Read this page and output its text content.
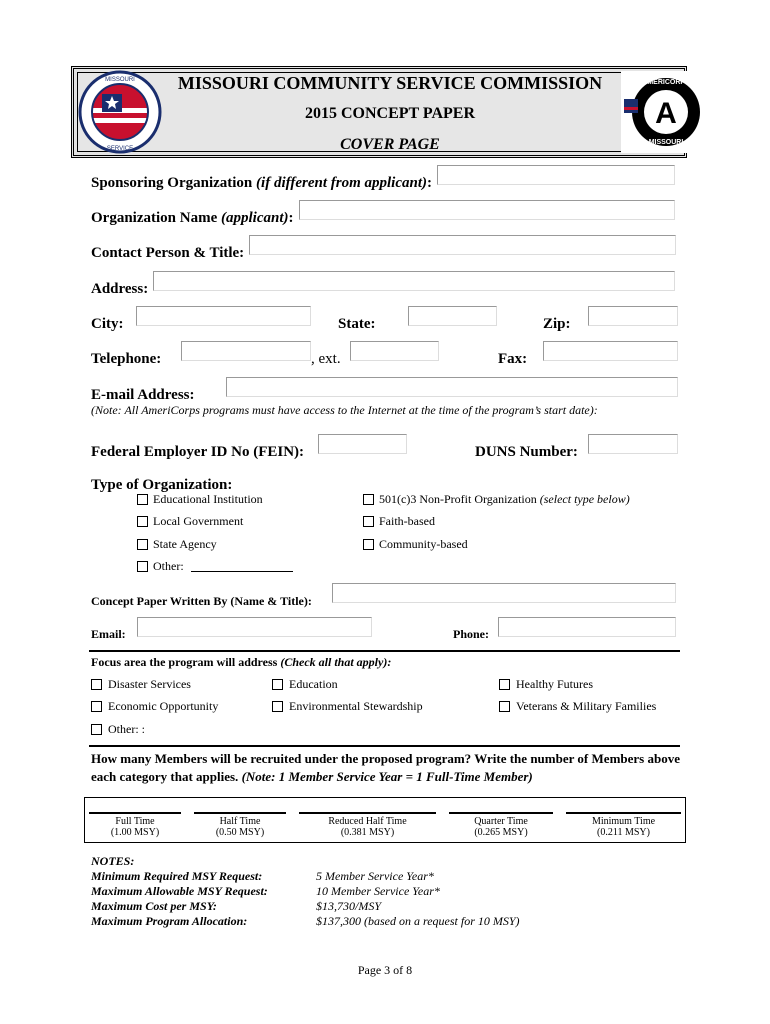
MISSOURI
SERVICE
A
AMERICORPS
MISSOURI
MISSOURI COMMUNITY SERVICE COMMISSION
2015 CONCEPT PAPER
COVER PAGE
Sponsoring Organization (if different from applicant):
Organization Name (applicant):
Contact Person & Title:
Address:
City:	State:	Zip:
Telephone:	, ext.	Fax:
E-mail Address:
(Note: All AmeriCorps programs must have access to the Internet at the time of the program’s start date):
Federal Employer ID No (FEIN):	DUNS Number:
Type of Organization:
Educational Institution
Local Government
State Agency
Other:
501(c)3 Non-Profit Organization (select type below)
Faith-based
Community-based
Concept Paper Written By (Name & Title):
Email:	Phone:
Focus area the program will address (Check all that apply):
Disaster Services	Education	Healthy Futures
Economic Opportunity	Environmental Stewardship	Veterans & Military Families
Other: :
How many Members will be recruited under the proposed program? Write the number of Members above each category that applies. (Note: 1 Member Service Year = 1 Full-Time Member)
Full Time
(1.00 MSY)
Half Time
(0.50 MSY)
Reduced Half Time
(0.381 MSY)
Quarter Time
(0.265 MSY)
Minimum Time
(0.211 MSY)
NOTES:
Minimum Required MSY Request:	5 Member Service Year*
Maximum Allowable MSY Request:	10 Member Service Year*
Maximum Cost per MSY:	$13,730/MSY
Maximum Program Allocation:	$137,300 (based on a request for 10 MSY)
Page 3 of 8
